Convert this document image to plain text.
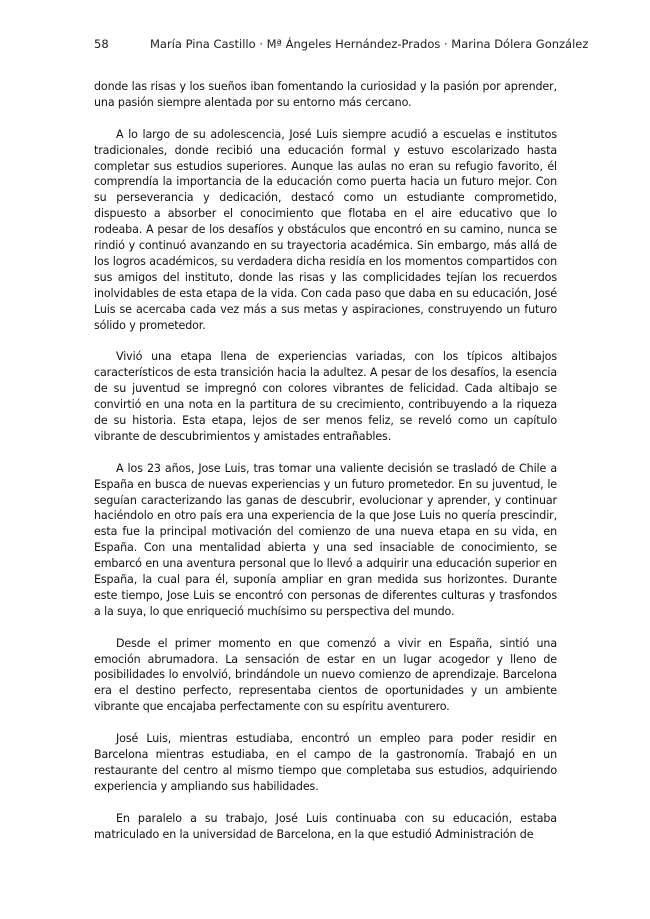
58	María Pina Castillo · Mª Ángeles Hernández-Prados · Marina Dólera González

donde las risas y los sueños iban fomentando la curiosidad y la pasión por aprender, una pasión siempre alentada por su entorno más cercano.

A lo largo de su adolescencia, José Luis siempre acudió a escuelas e institutos tradicionales, donde recibió una educación formal y estuvo escolarizado hasta completar sus estudios superiores. Aunque las aulas no eran su refugio favorito, él comprendía la importancia de la educación como puerta hacia un futuro mejor. Con su perseverancia y dedicación, destacó como un estudiante comprometido, dispuesto a absorber el conocimiento que flotaba en el aire educativo que lo rodeaba. A pesar de los desafíos y obstáculos que encontró en su camino, nunca se rindió y continuó avanzando en su trayectoria académica. Sin embargo, más allá de los logros académicos, su verdadera dicha residía en los momentos compartidos con sus amigos del instituto, donde las risas y las complicidades tejían los recuerdos inolvidables de esta etapa de la vida. Con cada paso que daba en su educación, José Luis se acercaba cada vez más a sus metas y aspiraciones, construyendo un futuro sólido y prometedor.

Vivió una etapa llena de experiencias variadas, con los típicos altibajos característicos de esta transición hacia la adultez. A pesar de los desafíos, la esencia de su juventud se impregnó con colores vibrantes de felicidad. Cada altibajo se convirtió en una nota en la partitura de su crecimiento, contribuyendo a la riqueza de su historia. Esta etapa, lejos de ser menos feliz, se reveló como un capítulo vibrante de descubrimientos y amistades entrañables.

A los 23 años, Jose Luis, tras tomar una valiente decisión se trasladó de Chile a España en busca de nuevas experiencias y un futuro prometedor. En su juventud, le seguían caracterizando las ganas de descubrir, evolucionar y aprender, y continuar haciéndolo en otro país era una experiencia de la que Jose Luis no quería prescindir, esta fue la principal motivación del comienzo de una nueva etapa en su vida, en España. Con una mentalidad abierta y una sed insaciable de conocimiento, se embarcó en una aventura personal que lo llevó a adquirir una educación superior en España, la cual para él, suponía ampliar en gran medida sus horizontes. Durante este tiempo, Jose Luis se encontró con personas de diferentes culturas y trasfondos a la suya, lo que enriqueció muchísimo su perspectiva del mundo.

Desde el primer momento en que comenzó a vivir en España, sintió una emoción abrumadora. La sensación de estar en un lugar acogedor y lleno de posibilidades lo envolvió, brindándole un nuevo comienzo de aprendizaje. Barcelona era el destino perfecto, representaba cientos de oportunidades y un ambiente vibrante que encajaba perfectamente con su espíritu aventurero.

José Luis, mientras estudiaba, encontró un empleo para poder residir en Barcelona mientras estudiaba, en el campo de la gastronomía. Trabajó en un restaurante del centro al mismo tiempo que completaba sus estudios, adquiriendo experiencia y ampliando sus habilidades.

En paralelo a su trabajo, José Luis continuaba con su educación, estaba matriculado en la universidad de Barcelona, en la que estudió Administración de
